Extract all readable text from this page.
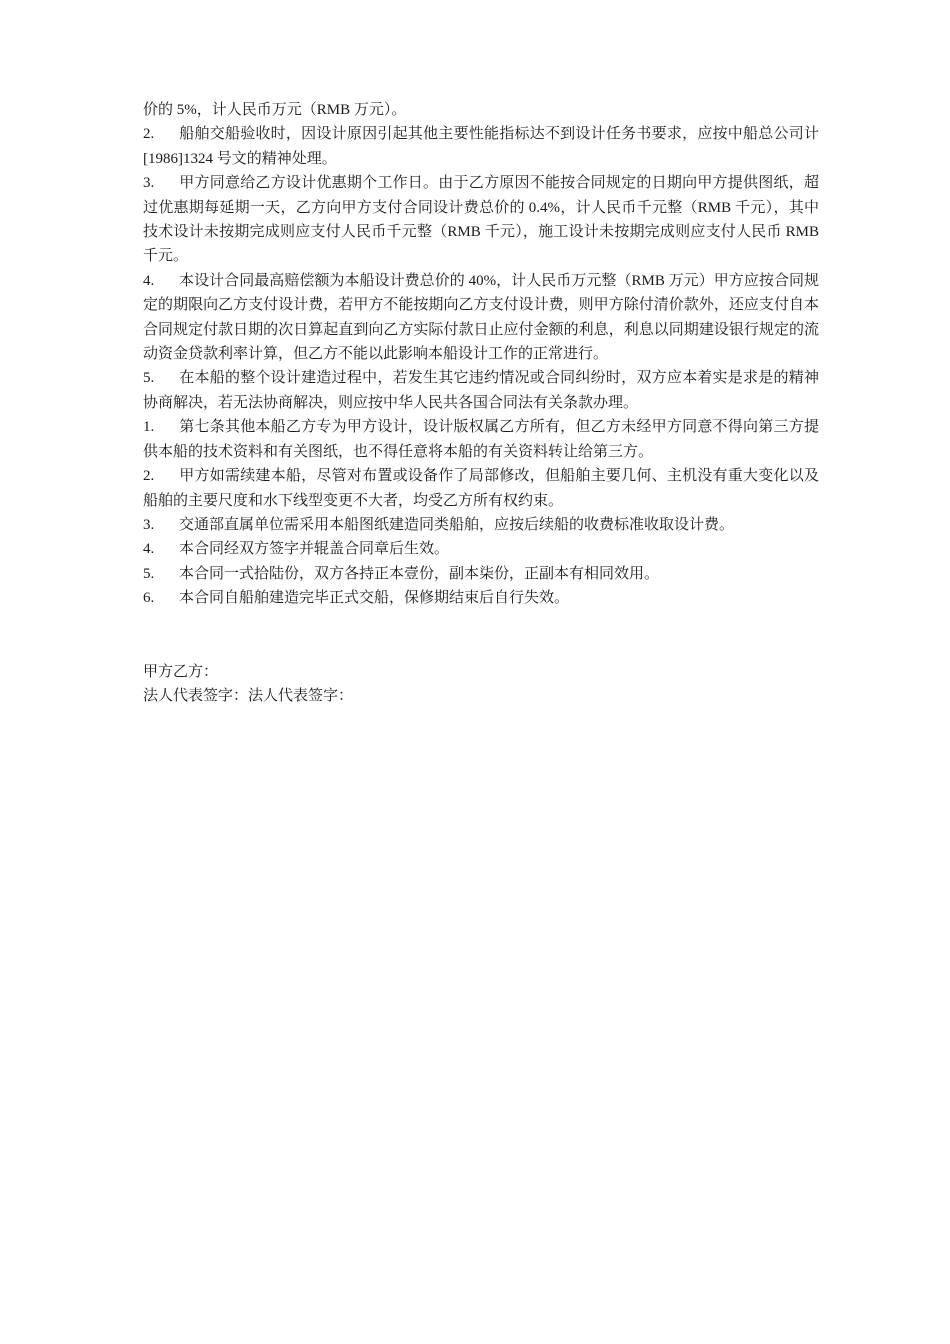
价的 5%，计人民币万元（RMB 万元）。

2. 船舶交船验收时，因设计原因引起其他主要性能指标达不到设计任务书要求，应按中船总公司计[1986]1324 号文的精神处理。

3. 甲方同意给乙方设计优惠期个工作日。由于乙方原因不能按合同规定的日期向甲方提供图纸，超过优惠期每延期一天，乙方向甲方支付合同设计费总价的 0.4%，计人民币千元整（RMB 千元），其中技术设计未按期完成则应支付人民币千元整（RMB 千元），施工设计未按期完成则应支付人民币 RMB 千元。

4. 本设计合同最高赔偿额为本船设计费总价的 40%，计人民币万元整（RMB 万元）甲方应按合同规定的期限向乙方支付设计费，若甲方不能按期向乙方支付设计费，则甲方除付清价款外，还应支付自本合同规定付款日期的次日算起直到向乙方实际付款日止应付金额的利息，利息以同期建设银行规定的流动资金贷款利率计算，但乙方不能以此影响本船设计工作的正常进行。

5. 在本船的整个设计建造过程中，若发生其它违约情况或合同纠纷时，双方应本着实是求是的精神协商解决，若无法协商解决，则应按中华人民共各国合同法有关条款办理。

1. 第七条其他本船乙方专为甲方设计，设计版权属乙方所有，但乙方未经甲方同意不得向第三方提供本船的技术资料和有关图纸，也不得任意将本船的有关资料转让给第三方。

2. 甲方如需续建本船，尽管对布置或设备作了局部修改，但船舶主要几何、主机没有重大变化以及船舶的主要尺度和水下线型变更不大者，均受乙方所有权约束。

3. 交通部直属单位需采用本船图纸建造同类船舶，应按后续船的收费标准收取设计费。

4. 本合同经双方签字并辊盖合同章后生效。

5. 本合同一式拾陆份，双方各持正本壹份，副本柒份，正副本有相同效用。

6. 本合同自船舶建造完毕正式交船，保修期结束后自行失效。

甲方乙方：

法人代表签字：法人代表签字：
